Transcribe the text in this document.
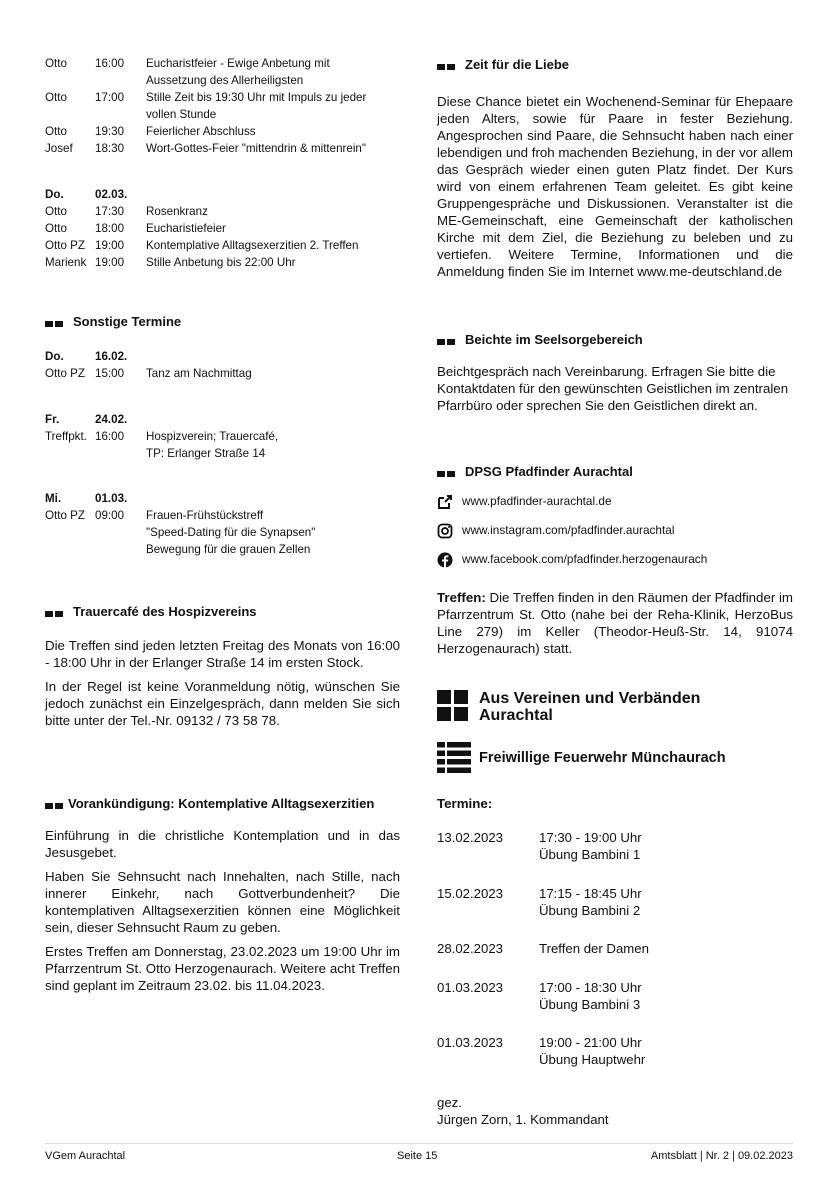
Otto 16:00 Eucharistfeier - Ewige Anbetung mit
Aussetzung des Allerheiligsten
Otto 17:00 Stille Zeit bis 19:30 Uhr mit Impuls zu jeder
vollen Stunde
Otto 19:30 Feierlicher Abschluss
Josef 18:30 Wort-Gottes-Feier "mittendrin & mittenrein"
Do.	02.03.
Otto 17:30 Rosenkranz
Otto 18:00 Eucharistiefeier
Otto PZ 19:00 Kontemplative Alltagsexerzitien 2. Treffen
Marienk 19:00 Stille Anbetung bis 22:00 Uhr
Sonstige Termine
Do.	16.02.
Otto PZ 15:00 Tanz am Nachmittag
Fr.	24.02.
Treffpkt. 16:00 Hospizverein; Trauercafé,
TP: Erlanger Straße 14
Mi.	01.03.
Otto PZ 09:00 Frauen-Frühstückstreff
"Speed-Dating für die Synapsen"
Bewegung für die grauen Zellen
Trauercafé des Hospizvereins

Die Treffen sind jeden letzten Freitag des Monats von 16:00 - 18:00 Uhr in der Erlanger Straße 14 im ersten Stock.

In der Regel ist keine Voranmeldung nötig, wünschen Sie jedoch zunächst ein Einzelgespräch, dann melden Sie sich bitte unter der Tel.-Nr. 09132 / 73 58 78.

Vorankündigung: Kontemplative Alltagsexerzitien

Einführung in die christliche Kontemplation und in das Jesusgebet.

Haben Sie Sehnsucht nach Innehalten, nach Stille, nach innerer Einkehr, nach Gottverbundenheit? Die kontemplativen Alltagsexerzitien können eine Möglichkeit sein, dieser Sehnsucht Raum zu geben.

Erstes Treffen am Donnerstag, 23.02.2023 um 19:00 Uhr im Pfarrzentrum St. Otto Herzogenaurach. Weitere acht Treffen sind geplant im Zeitraum 23.02. bis 11.04.2023.

Zeit für die Liebe

Diese Chance bietet ein Wochenend-Seminar für Ehepaare jeden Alters, sowie für Paare in fester Beziehung. Angesprochen sind Paare, die Sehnsucht haben nach einer lebendigen und froh machenden Beziehung, in der vor allem das Gespräch wieder einen guten Platz findet. Der Kurs wird von einem erfahrenen Team geleitet. Es gibt keine Gruppengespräche und Diskussionen. Veranstalter ist die ME-Gemeinschaft, eine Gemeinschaft der katholischen Kirche mit dem Ziel, die Beziehung zu beleben und zu vertiefen. Weitere Termine, Informationen und die Anmeldung finden Sie im Internet www.me-deutschland.de

Beichte im Seelsorgebereich

Beichtgespräch nach Vereinbarung. Erfragen Sie bitte die Kontaktdaten für den gewünschten Geistlichen im zentralen Pfarrbüro oder sprechen Sie den Geistlichen direkt an.

DPSG Pfadfinder Aurachtal
www.pfadfinder-aurachtal.de
www.instagram.com/pfadfinder.aurachtal
www.facebook.com/pfadfinder.herzogenaurach

Treffen: Die Treffen finden in den Räumen der Pfadfinder im Pfarrzentrum St. Otto (nahe bei der Reha-Klinik, HerzoBus Line 279) im Keller (Theodor-Heuß-Str. 14, 91074 Herzogenaurach) statt.

Aus Vereinen und Verbänden
Aurachtal
Freiwillige Feuerwehr Münchaurach
Termine:
13.02.2023	17:30 - 19:00 Uhr
Übung Bambini 1
15.02.2023	17:15 - 18:45 Uhr
Übung Bambini 2
28.02.2023	Treffen der Damen
01.03.2023	17:00 - 18:30 Uhr
Übung Bambini 3
01.03.2023	19:00 - 21:00 Uhr
Übung Hauptwehr
gez.
Jürgen Zorn, 1. Kommandant
VGem Aurachtal	Seite 15	Amtsblatt | Nr. 2 | 09.02.2023
